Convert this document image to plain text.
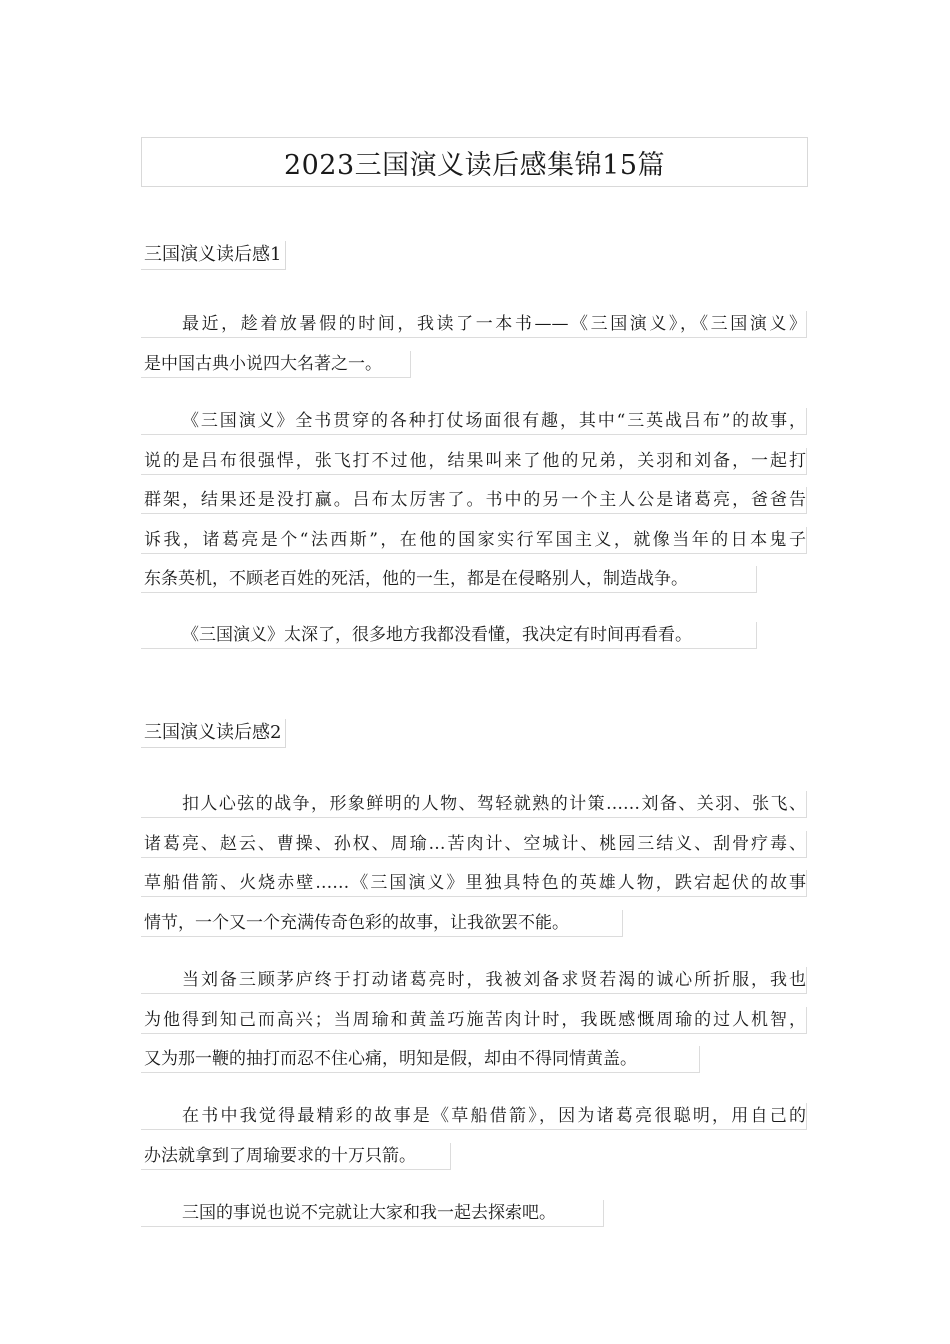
2023三国演义读后感集锦15篇
三国演义读后感1
最近，趁着放暑假的时间，我读了一本书——《三国演义》，《三国演义》
是中国古典小说四大名著之一。
《三国演义》全书贯穿的各种打仗场面很有趣，其中“三英战吕布”的故事，
说的是吕布很强悍，张飞打不过他，结果叫来了他的兄弟，关羽和刘备，一起打
群架，结果还是没打赢。吕布太厉害了。书中的另一个主人公是诸葛亮，爸爸告
诉我，诸葛亮是个“法西斯”，在他的国家实行军国主义，就像当年的日本鬼子
东条英机，不顾老百姓的死活，他的一生，都是在侵略别人，制造战争。
《三国演义》太深了，很多地方我都没看懂，我决定有时间再看看。
三国演义读后感2
扣人心弦的战争，形象鲜明的人物、驾轻就熟的计策……刘备、关羽、张飞、
诸葛亮、赵云、曹操、孙权、周瑜…苦肉计、空城计、桃园三结义、刮骨疗毒、
草船借箭、火烧赤壁……《三国演义》里独具特色的英雄人物，跌宕起伏的故事
情节，一个又一个充满传奇色彩的故事，让我欲罢不能。
当刘备三顾茅庐终于打动诸葛亮时，我被刘备求贤若渴的诚心所折服，我也
为他得到知己而高兴；当周瑜和黄盖巧施苦肉计时，我既感慨周瑜的过人机智，
又为那一鞭的抽打而忍不住心痛，明知是假，却由不得同情黄盖。
在书中我觉得最精彩的故事是《草船借箭》，因为诸葛亮很聪明，用自己的
办法就拿到了周瑜要求的十万只箭。
三国的事说也说不完就让大家和我一起去探索吧。
